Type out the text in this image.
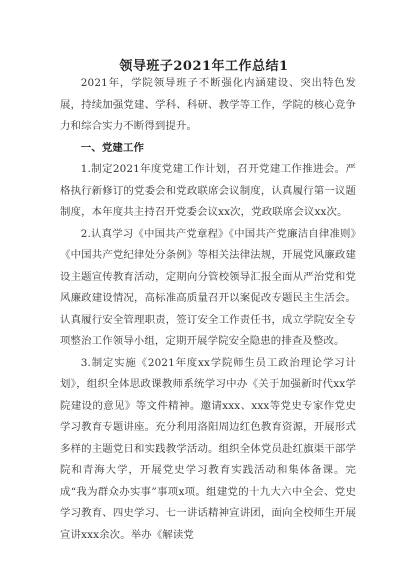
领导班子2021年工作总结1

2021年，学院领导班子不断强化内涵建设、突出特色发展，持续加强党建、学科、科研、教学等工作，学院的核心竞争力和综合实力不断得到提升。

一、党建工作

1.制定2021年度党建工作计划，召开党建工作推进会。严格执行新修订的党委会和党政联席会议制度，认真履行第一议题制度，本年度共主持召开党委会议xx次，党政联席会议xx次。

2.认真学习《中国共产党章程》《中国共产党廉洁自律准则》《中国共产党纪律处分条例》等相关法律法规，开展党风廉政建设主题宣传教育活动，定期向分管校领导汇报全面从严治党和党风廉政建设情况，高标准高质量召开以案促改专题民主生活会。认真履行安全管理职责，签订安全工作责任书，成立学院安全专项整治工作领导小组，定期开展学院安全隐患的排查及整改。

3.制定实施《2021年度xx学院师生员工政治理论学习计划》，组织全体思政课教师系统学习中办《关于加强新时代xx学院建设的意见》等文件精神。邀请xxx、xxx等党史专家作党史学习教育专题讲座。充分利用洛阳周边红色教育资源，开展形式多样的主题党日和实践教学活动。组织全体党员赴红旗渠干部学院和青海大学，开展党史学习教育实践活动和集体备课。完成“我为群众办实事”事项x项。组建党的十九大六中全会、党史学习教育、四史学习、七一讲话精神宣讲团，面向全校师生开展宣讲xxx余次。举办《解读党
